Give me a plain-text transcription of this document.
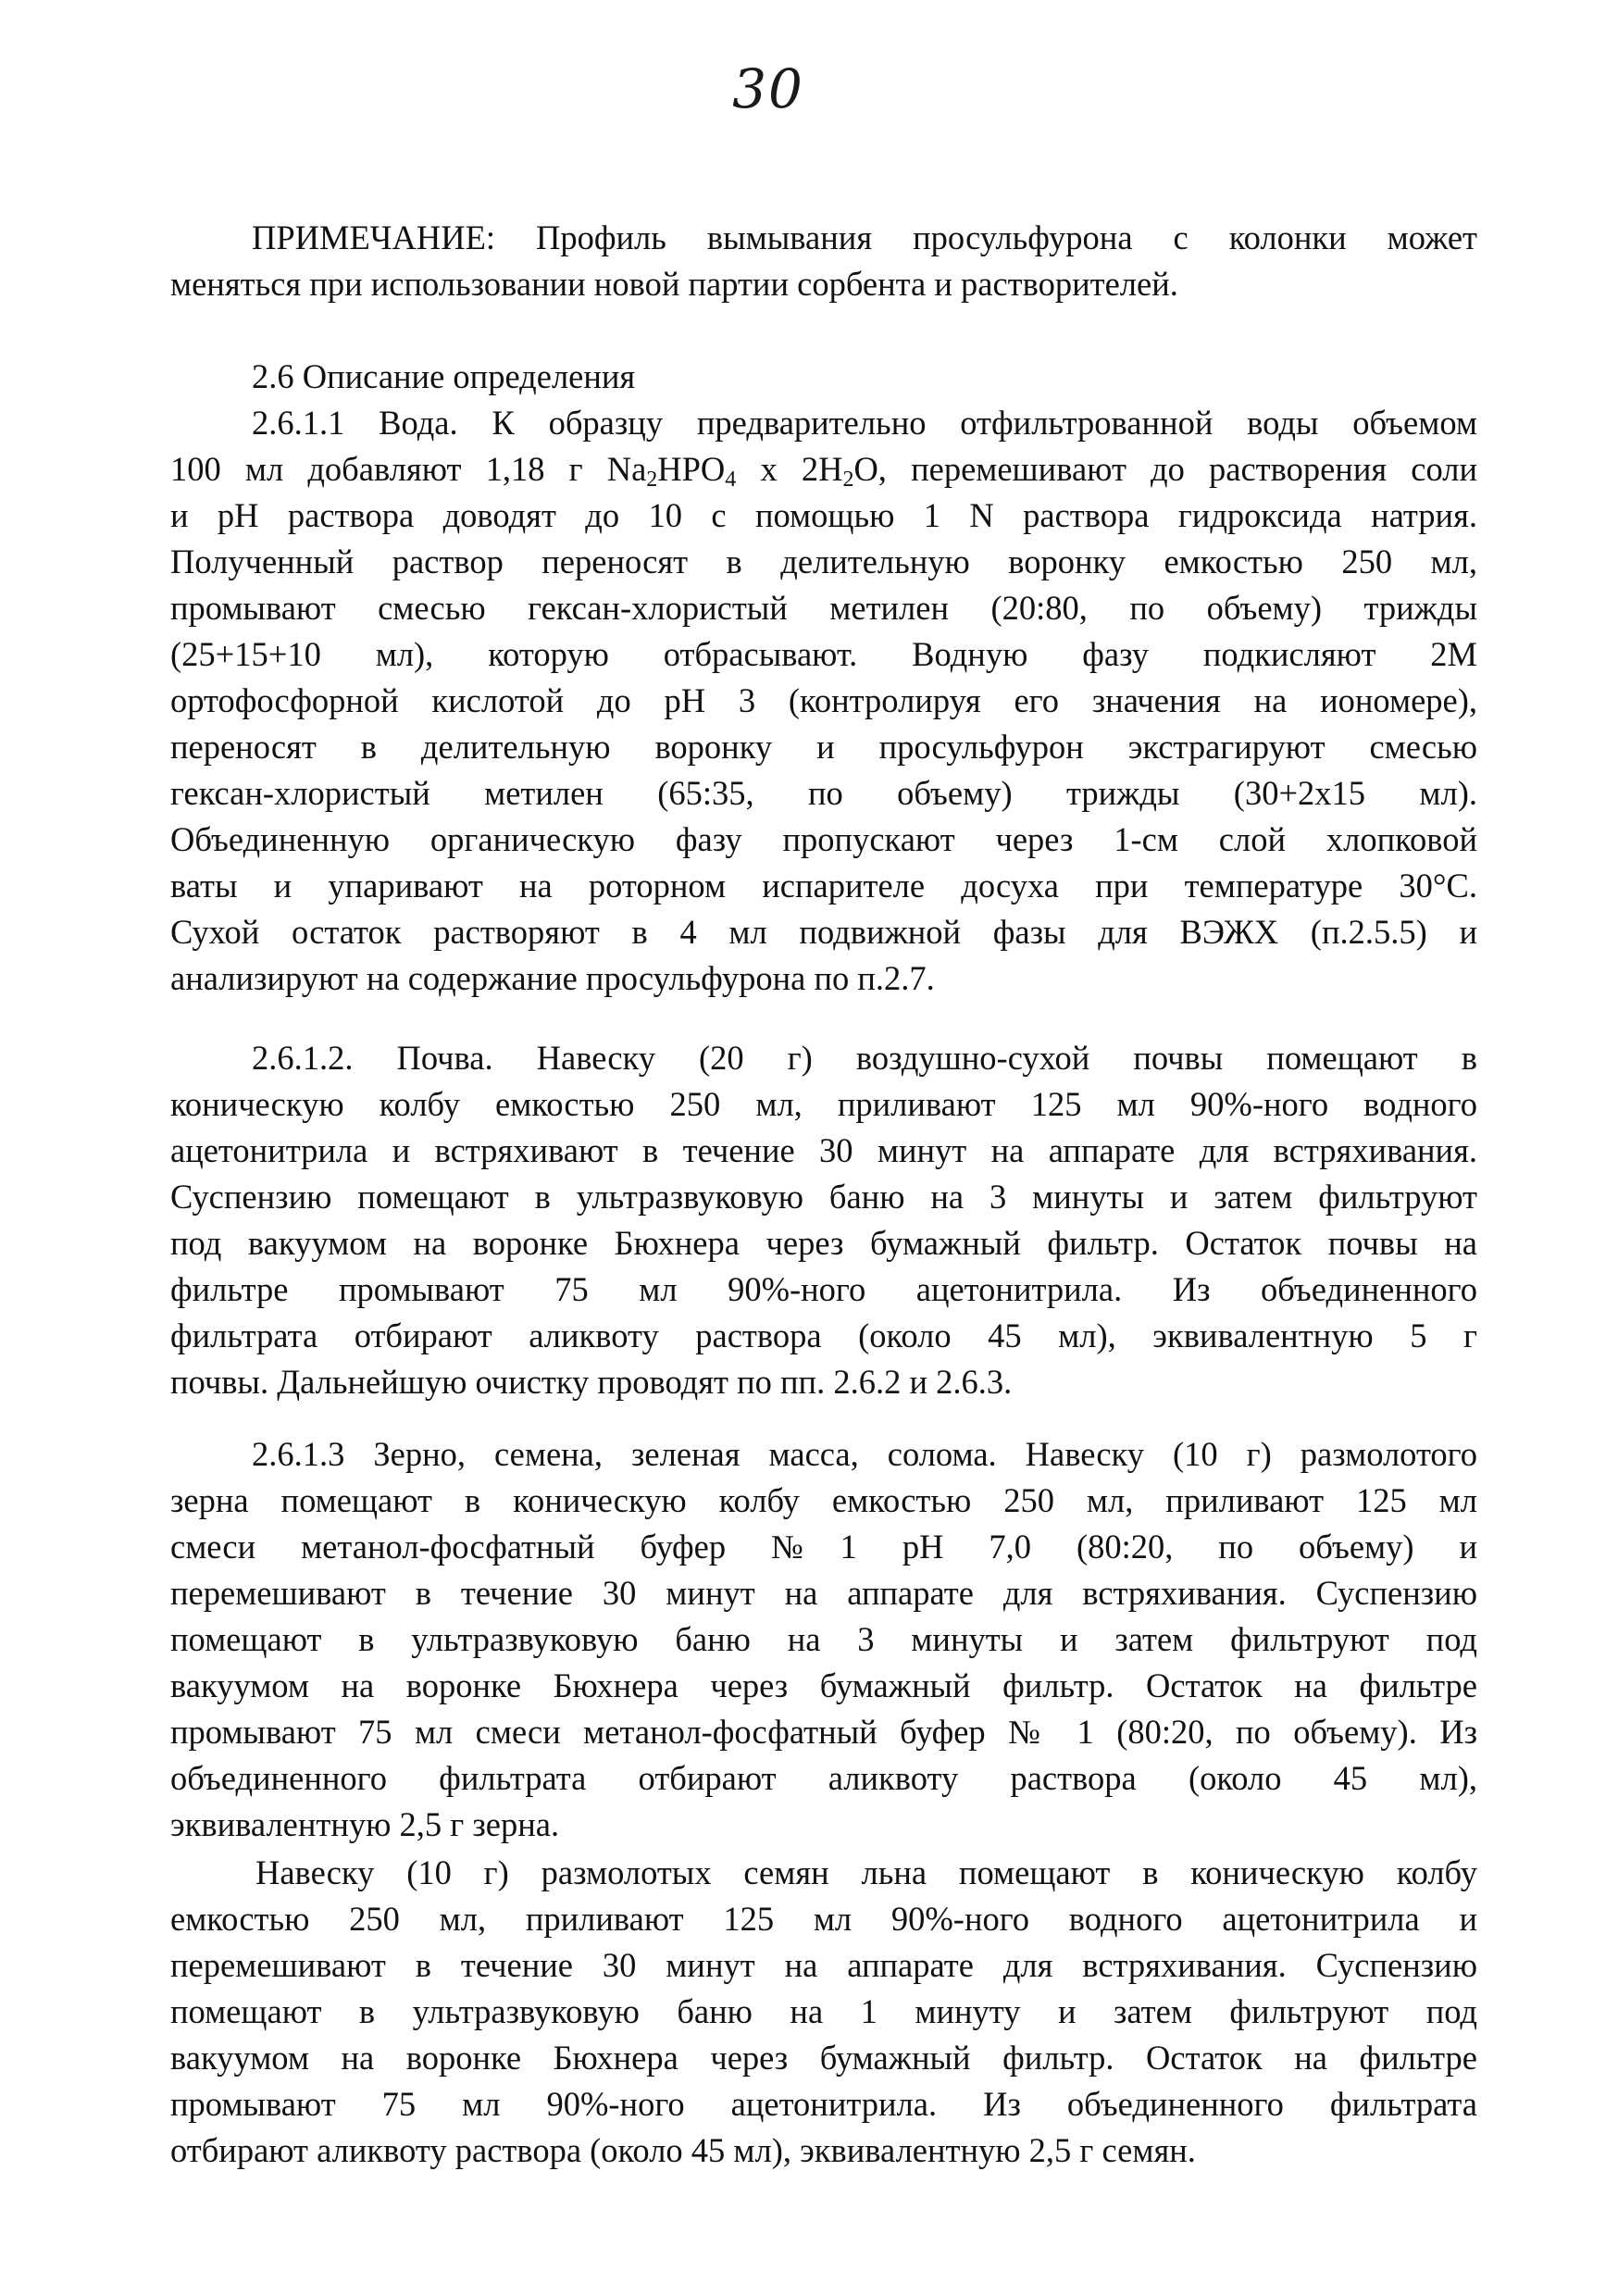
30
ПРИМЕЧАНИЕ: Профиль вымывания просульфурона с колонки может
меняться при использовании новой партии сорбента и растворителей.
2.6 Описание определения
2.6.1.1 Вода. К образцу предварительно отфильтрованной воды объемом
100 мл добавляют 1,18 г $Na_2HPO_4$ x $2H_2O$, перемешивают до растворения соли
и pH раствора доводят до 10 с помощью 1 N раствора гидроксида натрия.
Полученный раствор переносят в делительную воронку емкостью 250 мл,
промывают смесью гексан-хлористый метилен (20:80, по объему) трижды
(25+15+10 мл), которую отбрасывают. Водную фазу подкисляют 2М
ортофосфорной кислотой до pH 3 (контролируя его значения на иономере),
переносят в делительную воронку и просульфурон экстрагируют смесью
гексан-хлористый метилен (65:35, по объему) трижды (30+2х15 мл).
Объединенную органическую фазу пропускают через 1-см слой хлопковой
ваты и упаривают на роторном испарителе досуха при температуре 30°С.
Сухой остаток растворяют в 4 мл подвижной фазы для ВЭЖХ (п.2.5.5) и
анализируют на содержание просульфурона по п.2.7.
2.6.1.2. Почва. Навеску (20 г) воздушно-сухой почвы помещают в
коническую колбу емкостью 250 мл, приливают 125 мл 90%-ного водного
ацетонитрила и встряхивают в течение 30 минут на аппарате для встряхивания.
Суспензию помещают в ультразвуковую баню на 3 минуты и затем фильтруют
под вакуумом на воронке Бюхнера через бумажный фильтр. Остаток почвы на
фильтре промывают 75 мл 90%-ного ацетонитрила. Из объединенного
фильтрата отбирают аликвоту раствора (около 45 мл), эквивалентную 5 г
почвы. Дальнейшую очистку проводят по пп. 2.6.2 и 2.6.3.
2.6.1.3 Зерно, семена, зеленая масса, солома. Навеску (10 г) размолотого
зерна помещают в коническую колбу емкостью 250 мл, приливают 125 мл
смеси метанол-фосфатный буфер №1 pH 7,0 (80:20, по объему) и
перемешивают в течение 30 минут на аппарате для встряхивания. Суспензию
помещают в ультразвуковую баню на 3 минуты и затем фильтруют под
вакуумом на воронке Бюхнера через бумажный фильтр. Остаток на фильтре
промывают 75 мл смеси метанол-фосфатный буфер № 1 (80:20, по объему). Из
объединенного фильтрата отбирают аликвоту раствора (около 45 мл),
эквивалентную 2,5 г зерна.
Навеску (10 г) размолотых семян льна помещают в коническую колбу
емкостью 250 мл, приливают 125 мл 90%-ного водного ацетонитрила и
перемешивают в течение 30 минут на аппарате для встряхивания. Суспензию
помещают в ультразвуковую баню на 1 минуту и затем фильтруют под
вакуумом на воронке Бюхнера через бумажный фильтр. Остаток на фильтре
промывают 75 мл 90%-ного ацетонитрила. Из объединенного фильтрата
отбирают аликвоту раствора (около 45 мл), эквивалентную 2,5 г семян.
